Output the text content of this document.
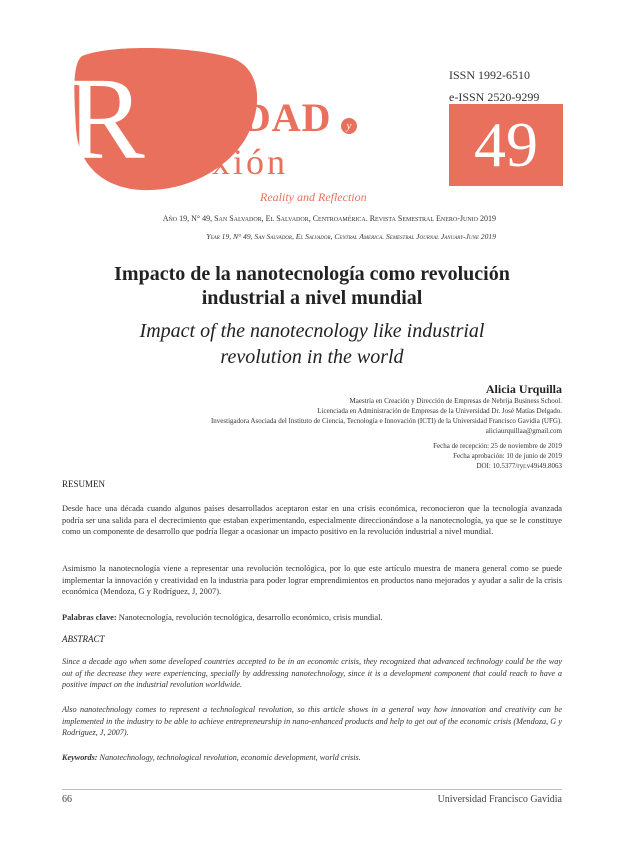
R
EALIDAD	y
eflexión
Reality and Reflection
ISSN 1992-6510
e-ISSN 2520-9299
49
Año 19, N° 49, San Salvador, El Salvador, Centroamérica. Revista Semestral Enero-Junio 2019
Year 19, N° 49, San Salvador, El Salvador, Central America. Semestral Journal January-June 2019
Impacto de la nanotecnología como revolución
industrial a nivel mundial
Impact of the nanotecnology like industrial
revolution in the world
Alicia Urquilla
Maestría en Creación y Dirección de Empresas de Nebrija Business School.
Licenciada en Administración de Empresas de la Universidad Dr. José Matías Delgado.
Investigadora Asociada del Instituto de Ciencia, Tecnología e Innovación (ICTI) de la Universidad Francisco Gavidia (UFG).
aliciaurquillaa@gmail.com
Fecha de recepción: 25 de noviembre de 2019
Fecha aprobación: 10 de junio de 2019
DOI: 10.5377/ryr.v49i49.8063
RESUMEN
Desde hace una década cuando algunos países desarrollados aceptaron estar en una crisis económica, reconocieron que la tecnología avanzada podría ser una salida para el decrecimiento que estaban experimentando, especialmente direccionándose a la nanotecnología, ya que se le constituye como un componente de desarrollo que podría llegar a ocasionar un impacto positivo en la revolución industrial a nivel mundial.
Asimismo la nanotecnología viene a representar una revolución tecnológica, por lo que este artículo muestra de manera general como se puede implementar la innovación y creatividad en la industria para poder lograr emprendimientos en productos nano mejorados y ayudar a salir de la crisis económica (Mendoza, G y Rodríguez, J, 2007).
Palabras clave: Nanotecnología, revolución tecnológica, desarrollo económico, crisis mundial.
ABSTRACT
Since a decade ago when some developed countries accepted to be in an economic crisis, they recognized that advanced technology could be the way out of the decrease they were experiencing, specially by addressing nanotechnology, since it is a development component that could reach to have a positive impact on the industrial revolution worldwide.
Also nanotechnology comes to represent a technological revolution, so this article shows in a general way how innovation and creativity can be implemented in the industry to be able to achieve entrepreneurship in nano-enhanced products and help to get out of the economic crisis (Mendoza, G y Rodriguez, J, 2007).
Keywords: Nanotechnology, technological revolution, economic development, world crisis.
66	Universidad Francisco Gavidia
